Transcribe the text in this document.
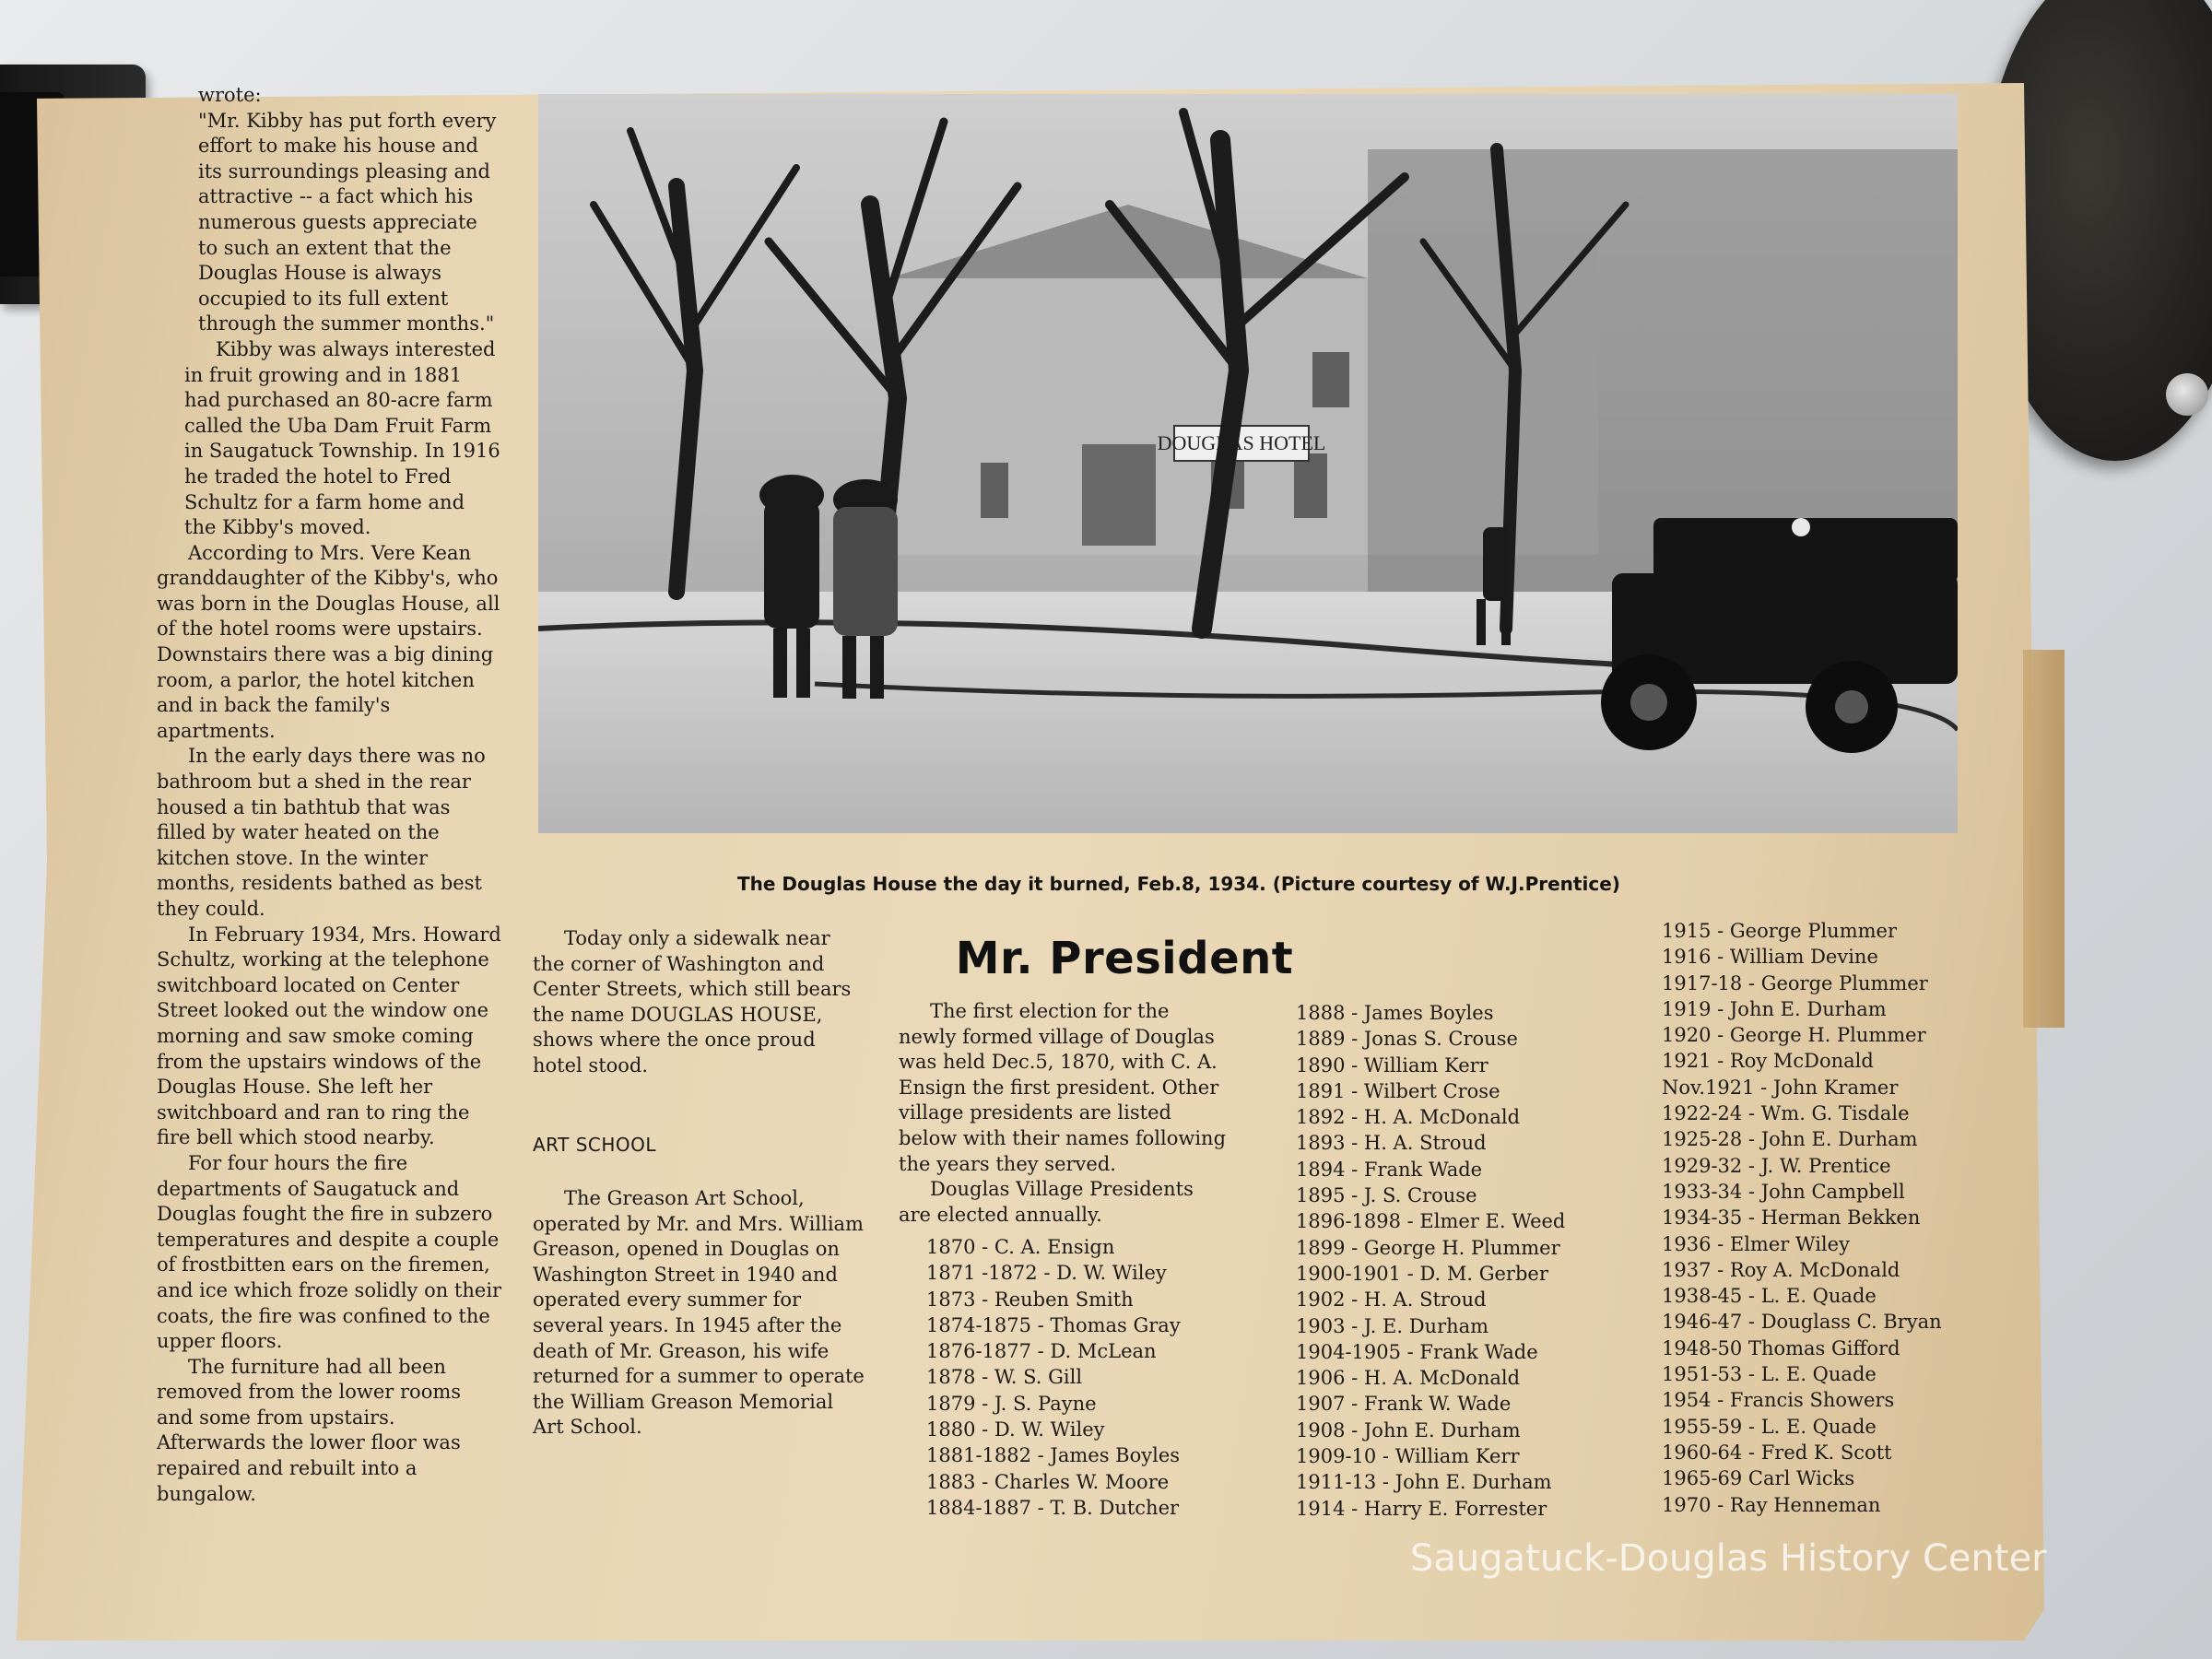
wrote:

"Mr. Kibby has put forth every effort to make his house and its surroundings pleasing and attractive -- a fact which his numerous guests appreciate to such an extent that the Douglas House is always occupied to its full extent through the summer months."

Kibby was always interested in fruit growing and in 1881 had purchased an 80-acre farm called the Uba Dam Fruit Farm in Saugatuck Township. In 1916 he traded the hotel to Fred Schultz for a farm home and the Kibby's moved.

According to Mrs. Vere Kean granddaughter of the Kibby's, who was born in the Douglas House, all of the hotel rooms were upstairs. Downstairs there was a big dining room, a parlor, the hotel kitchen and in back the family's apartments.

In the early days there was no bathroom but a shed in the rear housed a tin bathtub that was filled by water heated on the kitchen stove. In the winter months, residents bathed as best they could.

In February 1934, Mrs. Howard Schultz, working at the telephone switchboard located on Center Street looked out the window one morning and saw smoke coming from the upstairs windows of the Douglas House. She left her switchboard and ran to ring the fire bell which stood nearby.

For four hours the fire departments of Saugatuck and Douglas fought the fire in subzero temperatures and despite a couple of frostbitten ears on the firemen, and ice which froze solidly on their coats, the fire was confined to the upper floors.

The furniture had all been removed from the lower rooms and some from upstairs. Afterwards the lower floor was repaired and rebuilt into a bungalow.

DOUGLAS HOTEL
The Douglas House the day it burned, Feb.8, 1934. (Picture courtesy of W.J.Prentice)

Today only a sidewalk near the corner of Washington and Center Streets, which still bears the name DOUGLAS HOUSE, shows where the once proud hotel stood.

ART SCHOOL

The Greason Art School, operated by Mr. and Mrs. William Greason, opened in Douglas on Washington Street in 1940 and operated every summer for several years. In 1945 after the death of Mr. Greason, his wife returned for a summer to operate the William Greason Memorial Art School.

Mr. President

The first election for the newly formed village of Douglas was held Dec.5, 1870, with C. A. Ensign the first president. Other village presidents are listed below with their names following the years they served.

Douglas Village Presidents are elected annually.

1870 - C. A. Ensign
1871 -1872 - D. W. Wiley
1873 - Reuben Smith
1874-1875 - Thomas Gray
1876-1877 - D. McLean
1878 - W. S. Gill
1879 - J. S. Payne
1880 - D. W. Wiley
1881-1882 - James Boyles
1883 - Charles W. Moore
1884-1887 - T. B. Dutcher
1888 - James Boyles
1889 - Jonas S. Crouse
1890 - William Kerr
1891 - Wilbert Crose
1892 - H. A. McDonald
1893 - H. A. Stroud
1894 - Frank Wade
1895 - J. S. Crouse
1896-1898 - Elmer E. Weed
1899 - George H. Plummer
1900-1901 - D. M. Gerber
1902 - H. A. Stroud
1903 - J. E. Durham
1904-1905 - Frank Wade
1906 - H. A. McDonald
1907 - Frank W. Wade
1908 - John E. Durham
1909-10 - William Kerr
1911-13 - John E. Durham
1914 - Harry E. Forrester
1915 - George Plummer
1916 - William Devine
1917-18 - George Plummer
1919 - John E. Durham
1920 - George H. Plummer
1921 - Roy McDonald
Nov.1921 - John Kramer
1922-24 - Wm. G. Tisdale
1925-28 - John E. Durham
1929-32 - J. W. Prentice
1933-34 - John Campbell
1934-35 - Herman Bekken
1936 - Elmer Wiley
1937 - Roy A. McDonald
1938-45 - L. E. Quade
1946-47 - Douglass C. Bryan
1948-50 Thomas Gifford
1951-53 - L. E. Quade
1954 - Francis Showers
1955-59 - L. E. Quade
1960-64 - Fred K. Scott
1965-69 Carl Wicks
1970 - Ray Henneman
Saugatuck-Douglas History Center
